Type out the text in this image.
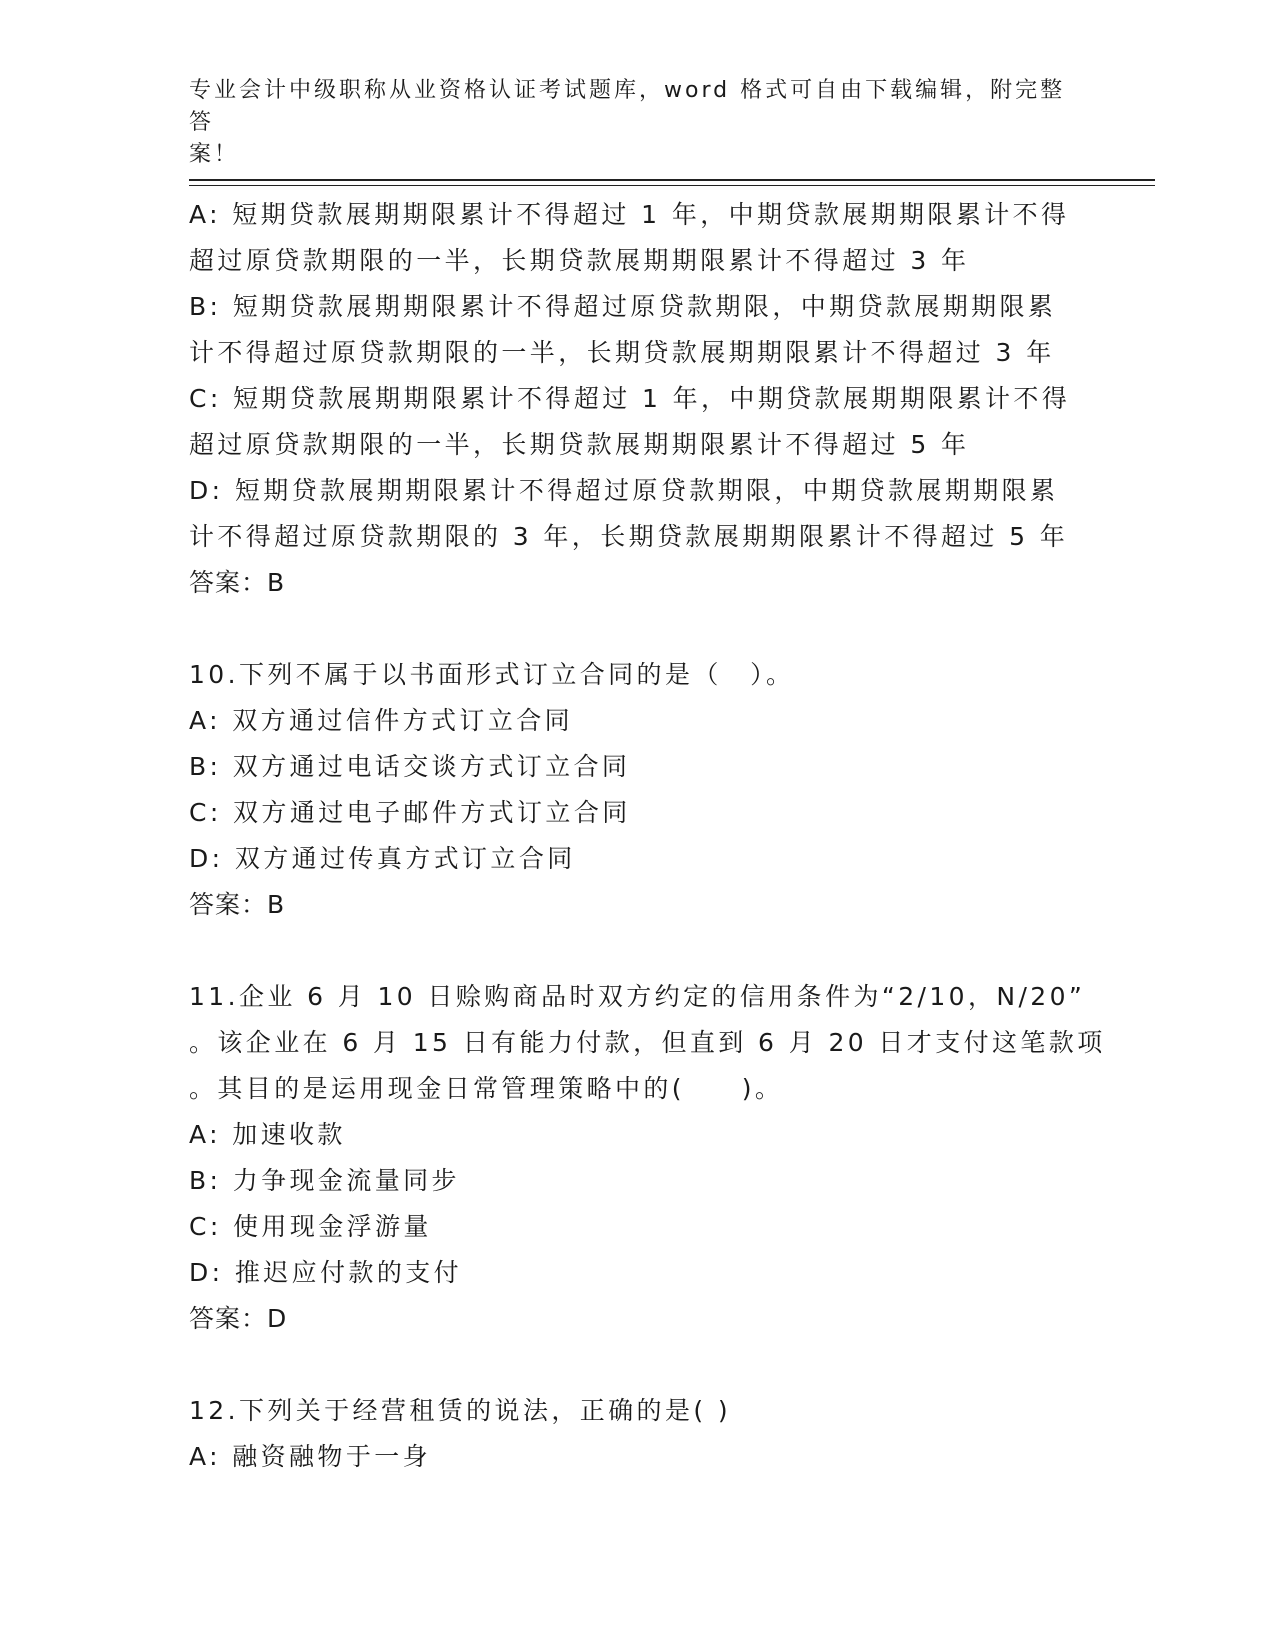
专业会计中级职称从业资格认证考试题库，word 格式可自由下载编辑，附完整答
案！
A: 短期贷款展期期限累计不得超过 1 年，中期贷款展期期限累计不得
超过原贷款期限的一半，长期贷款展期期限累计不得超过 3 年
B: 短期贷款展期期限累计不得超过原贷款期限，中期贷款展期期限累
计不得超过原贷款期限的一半，长期贷款展期期限累计不得超过 3 年
C: 短期贷款展期期限累计不得超过 1 年，中期贷款展期期限累计不得
超过原贷款期限的一半，长期贷款展期期限累计不得超过 5 年
D: 短期贷款展期期限累计不得超过原贷款期限，中期贷款展期期限累
计不得超过原贷款期限的 3 年，长期贷款展期期限累计不得超过 5 年
答案：B
10.下列不属于以书面形式订立合同的是（　）。
A: 双方通过信件方式订立合同
B: 双方通过电话交谈方式订立合同
C: 双方通过电子邮件方式订立合同
D: 双方通过传真方式订立合同
答案：B
11.企业 6 月 10 日赊购商品时双方约定的信用条件为“2/10，N/20”
。该企业在 6 月 15 日有能力付款，但直到 6 月 20 日才支付这笔款项
。其目的是运用现金日常管理策略中的(　　)。
A: 加速收款
B: 力争现金流量同步
C: 使用现金浮游量
D: 推迟应付款的支付
答案：D
12.下列关于经营租赁的说法，正确的是( )
A: 融资融物于一身
